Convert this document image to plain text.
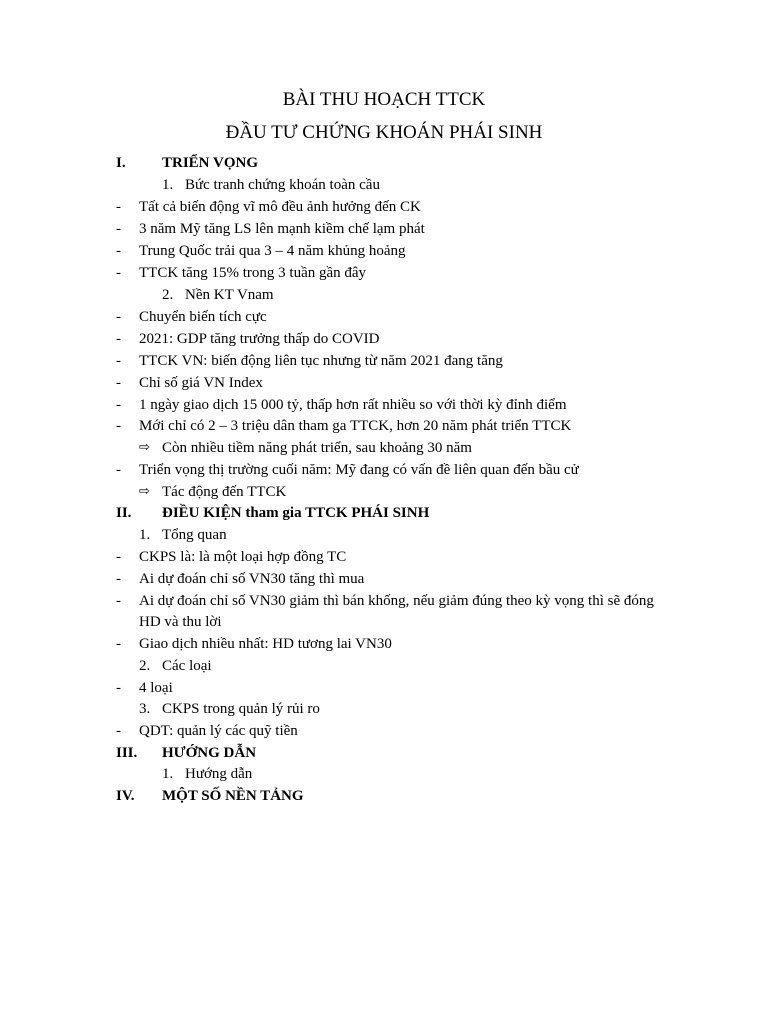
BÀI THU HOẠCH TTCK
ĐẦU TƯ CHỨNG KHOÁN PHÁI SINH
I. TRIỂN VỌNG
1. Bức tranh chứng khoán toàn cầu
- Tất cả biến động vĩ mô đều ảnh hưởng đến CK
- 3 năm Mỹ tăng LS lên mạnh kiềm chế lạm phát
- Trung Quốc trải qua 3 – 4 năm khủng hoảng
- TTCK tăng 15% trong 3 tuần gần đây
2. Nền KT Vnam
- Chuyển biến tích cực
- 2021: GDP tăng trưởng thấp do COVID
- TTCK VN: biến động liên tục nhưng từ năm 2021 đang tăng
- Chỉ số giá VN Index
- 1 ngày giao dịch 15 000 tỷ, thấp hơn rất nhiều so với thời kỳ đỉnh điểm
- Mới chỉ có 2 – 3 triệu dân tham ga TTCK, hơn 20 năm phát triển TTCK
⇨ Còn nhiều tiềm năng phát triển, sau khoảng 30 năm
- Triển vọng thị trường cuối năm: Mỹ đang có vấn đề liên quan đến bầu cử
⇨ Tác động đến TTCK
II. ĐIỀU KIỆN tham gia TTCK PHÁI SINH
1. Tổng quan
- CKPS là: là một loại hợp đồng TC
- Ai dự đoán chỉ số VN30 tăng thì mua
- Ai dự đoán chỉ số VN30 giảm thì bán khống, nếu giảm đúng theo kỳ vọng thì sẽ đóng
HD và thu lời
- Giao dịch nhiều nhất: HD tương lai VN30
2. Các loại
- 4 loại
3. CKPS trong quản lý rủi ro
- QDT: quản lý các quỹ tiền
III. HƯỚNG DẪN
1. Hướng dẫn
IV. MỘT SỐ NỀN TẢNG
